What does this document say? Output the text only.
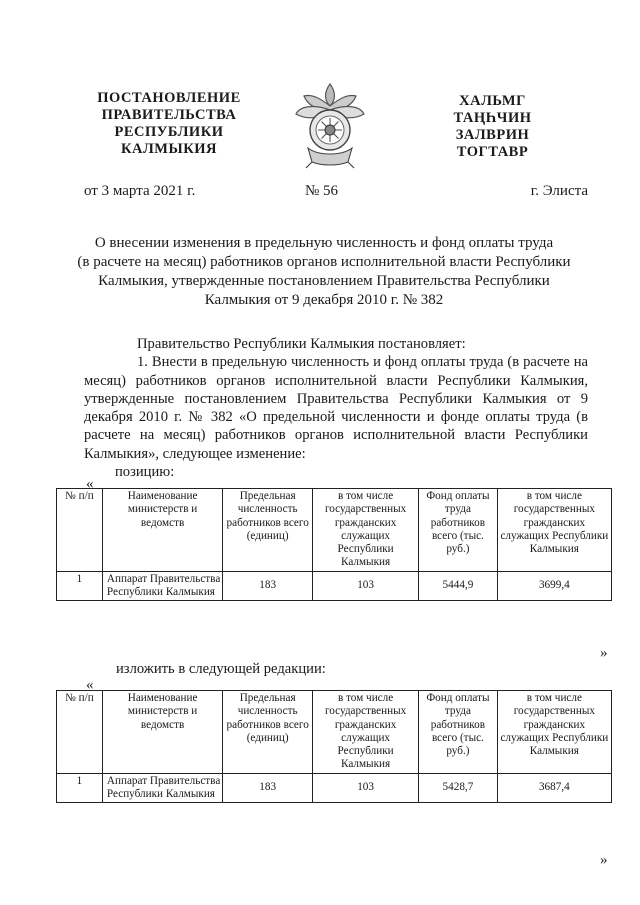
ПОСТАНОВЛЕНИЕ
ПРАВИТЕЛЬСТВА
РЕСПУБЛИКИ
КАЛМЫКИЯ
ХАЛЬМГ
ТАҢҺЧИН
ЗАЛВРИН
ТОГТАВР
от 3 марта 2021 г.	№ 56	г. Элиста
О внесении изменения в предельную численность и фонд оплаты труда
(в расчете на месяц) работников органов исполнительной власти Республики
Калмыкия, утвержденные постановлением Правительства Республики
Калмыкия от 9 декабря 2010 г. № 382

Правительство Республики Калмыкия постановляет:

1. Внести в предельную численность и фонд оплаты труда (в расчете на месяц) работников органов исполнительной власти Республики Калмыкия, утвержденные постановлением Правительства Республики Калмыкия от 9 декабря 2010 г. № 382 «О предельной численности и фонде оплаты труда (в расчете на месяц) работников органов исполнительной власти Республики Калмыкия», следующее изменение:

позицию:

«
№ п/п	Наименование министерств и ведомств	Предельная численность работников всего (единиц)	в том числе государственных гражданских служащих Республики Калмыкия	Фонд оплаты труда работников всего (тыс. руб.)	в том числе государственных гражданских служащих Республики Калмыкия
1	Аппарат Правительства Республики Калмыкия	183	103	5444,9	3699,4
»
изложить в следующей редакции:
«
№ п/п	Наименование министерств и ведомств	Предельная численность работников всего (единиц)	в том числе государственных гражданских служащих Республики Калмыкия	Фонд оплаты труда работников всего (тыс. руб.)	в том числе государственных гражданских служащих Республики Калмыкия
1	Аппарат Правительства Республики Калмыкия	183	103	5428,7	3687,4
»
